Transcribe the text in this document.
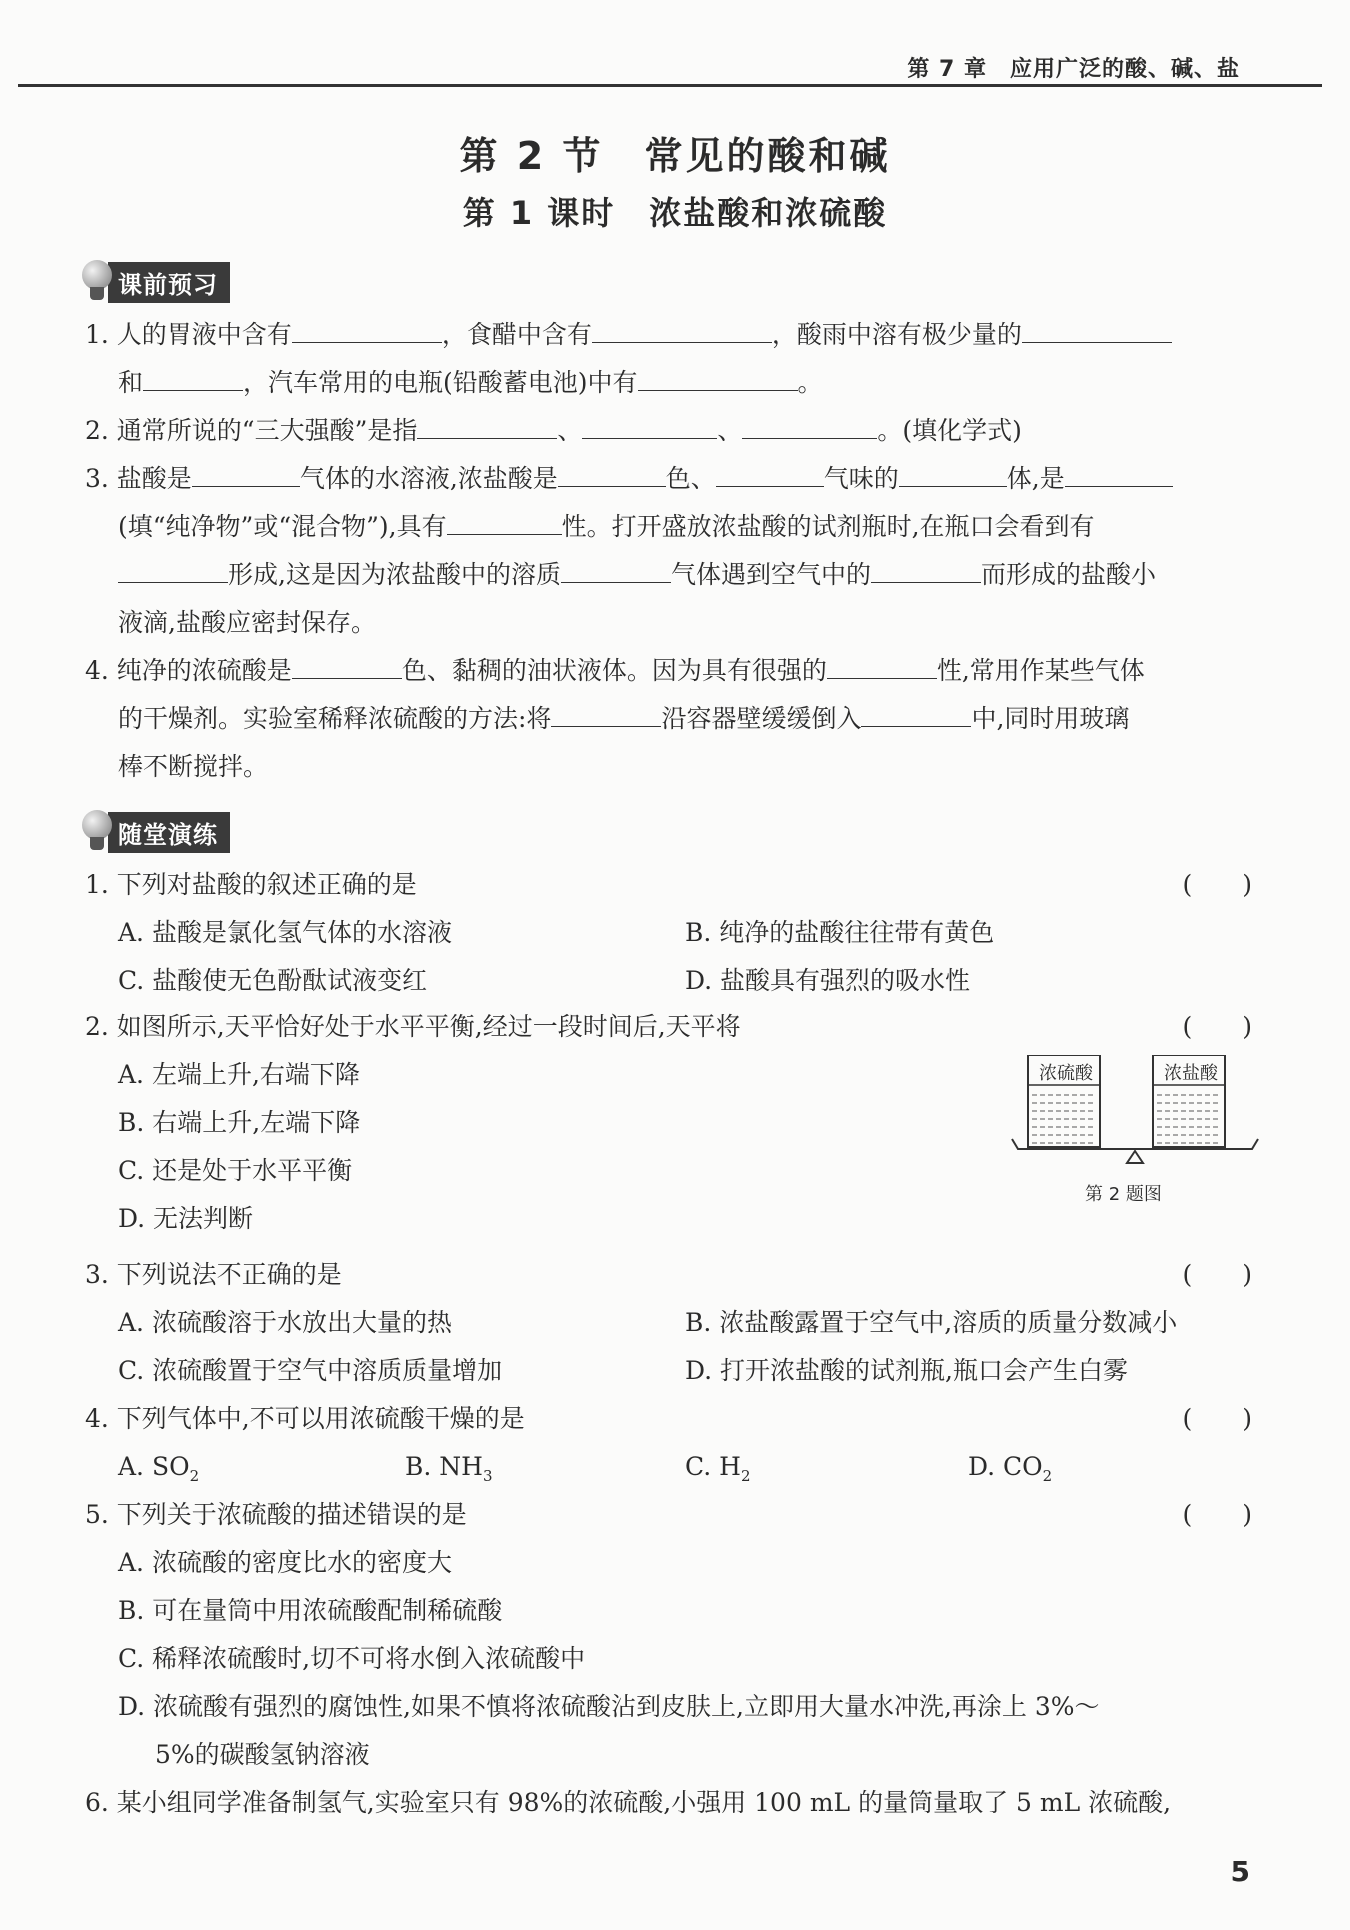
第 7 章　应用广泛的酸、碱、盐
第 2 节　常见的酸和碱
第 1 课时　浓盐酸和浓硫酸
课前预习
1. 人的胃液中含有	，食醋中含有	，酸雨中溶有极少量的
和	，汽车常用的电瓶(铅酸蓄电池)中有	。
2. 通常所说的“三大强酸”是指	、	、	。(填化学式)
3. 盐酸是	气体的水溶液,浓盐酸是	色、	气味的	体,是
(填“纯净物”或“混合物”),具有	性。打开盛放浓盐酸的试剂瓶时,在瓶口会看到有
形成,这是因为浓盐酸中的溶质	气体遇到空气中的	而形成的盐酸小
液滴,盐酸应密封保存。
4. 纯净的浓硫酸是	色、黏稠的油状液体。因为具有很强的	性,常用作某些气体
的干燥剂。实验室稀释浓硫酸的方法:将	沿容器壁缓缓倒入	中,同时用玻璃
棒不断搅拌。
随堂演练
1. 下列对盐酸的叙述正确的是	(　　)
A. 盐酸是氯化氢气体的水溶液	B. 纯净的盐酸往往带有黄色
C. 盐酸使无色酚酞试液变红	D. 盐酸具有强烈的吸水性
2. 如图所示,天平恰好处于水平平衡,经过一段时间后,天平将	(　　)
A. 左端上升,右端下降
B. 右端上升,左端下降
C. 还是处于水平平衡
D. 无法判断
浓硫酸	浓盐酸
第 2 题图
3. 下列说法不正确的是	(　　)
A. 浓硫酸溶于水放出大量的热	B. 浓盐酸露置于空气中,溶质的质量分数减小
C. 浓硫酸置于空气中溶质质量增加	D. 打开浓盐酸的试剂瓶,瓶口会产生白雾
4. 下列气体中,不可以用浓硫酸干燥的是	(　　)
A. $SO_2$	B. $NH_3$	C. $H_2$	D. $CO_2$
5. 下列关于浓硫酸的描述错误的是	(　　)
A. 浓硫酸的密度比水的密度大
B. 可在量筒中用浓硫酸配制稀硫酸
C. 稀释浓硫酸时,切不可将水倒入浓硫酸中
D. 浓硫酸有强烈的腐蚀性,如果不慎将浓硫酸沾到皮肤上,立即用大量水冲洗,再涂上 3%～
5%的碳酸氢钠溶液
6. 某小组同学准备制氢气,实验室只有 98%的浓硫酸,小强用 100 mL 的量筒量取了 5 mL 浓硫酸,
5
